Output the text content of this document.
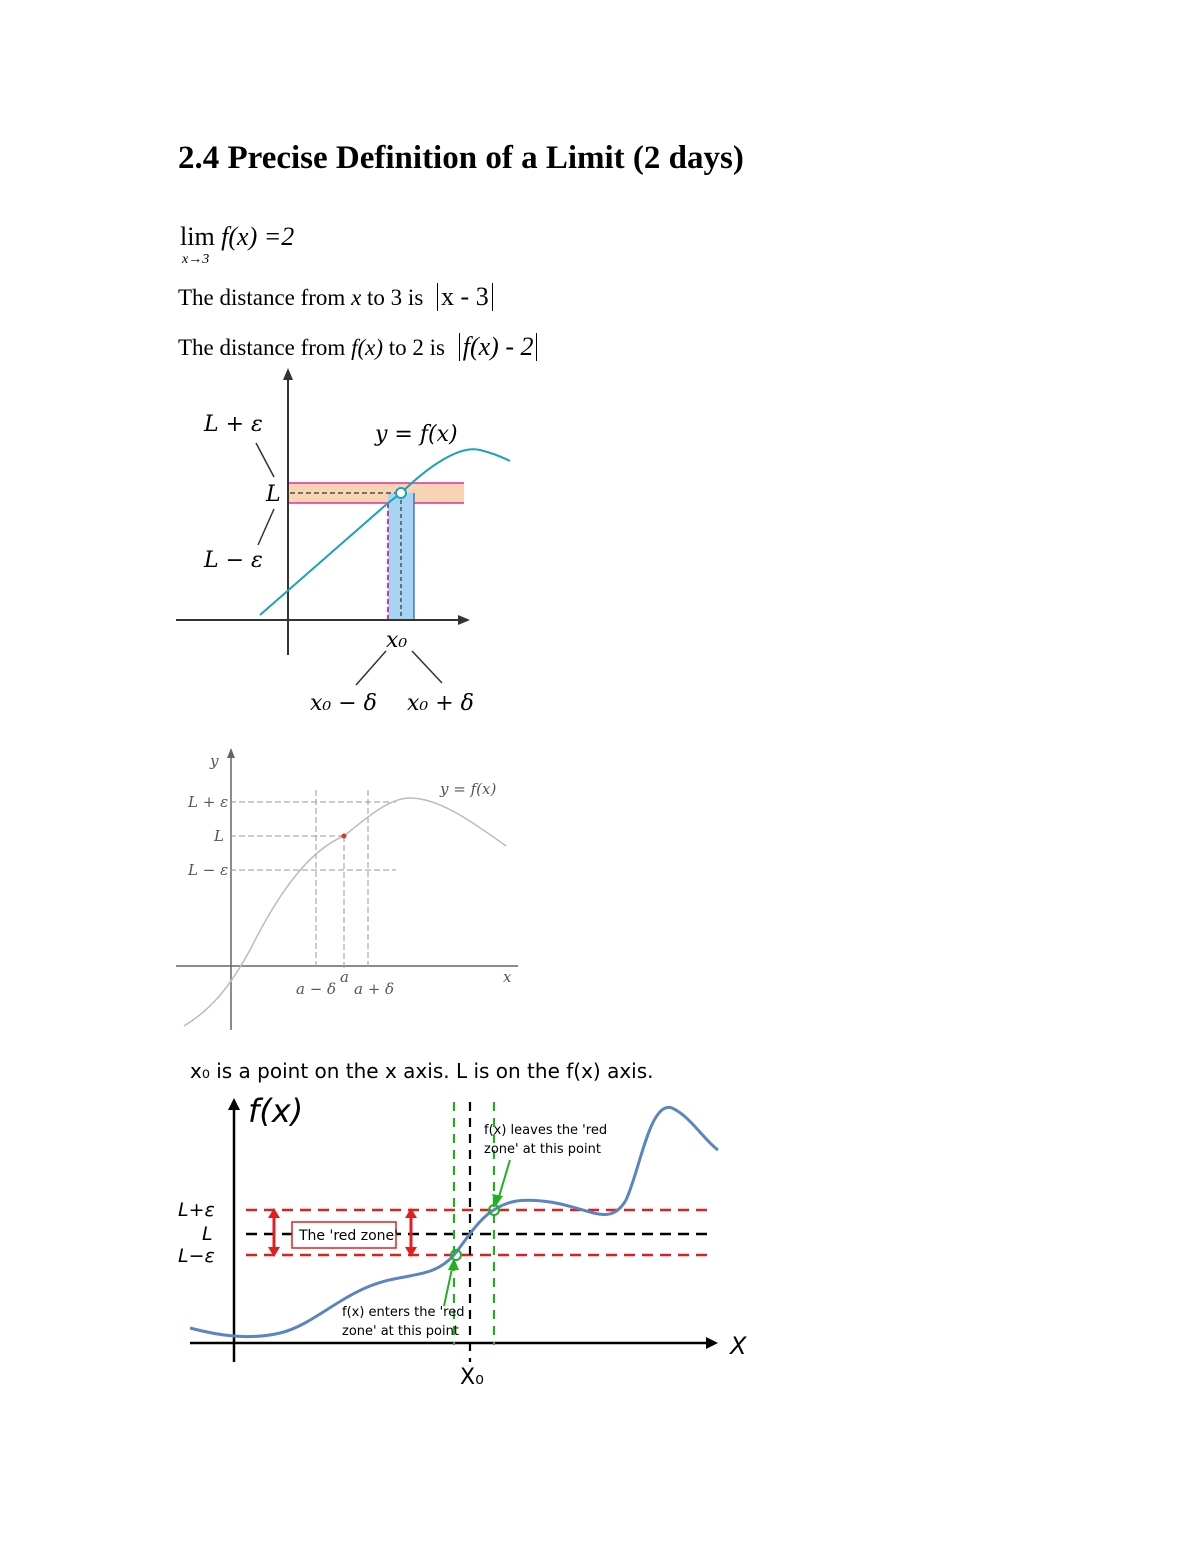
2.4 Precise Definition of a Limit (2 days)
lim f(x) =2
x→3
The distance from x to 3 is x - 3
The distance from f(x) to 2 is f(x) - 2
L + ε
L
L − ε
y = f(x)
x₀
x₀ − δ x₀ + δ
y
L + ε
L
L − ε
y = f(x)
x
a
a − δ a + δ
x₀ is a point on the x axis. L is on the f(x) axis.
f(x)
X
L+ε
L
L−ε
The 'red zone'
f(x) leaves the 'red
zone' at this point
f(x) enters the 'red
zone' at this point
X₀
